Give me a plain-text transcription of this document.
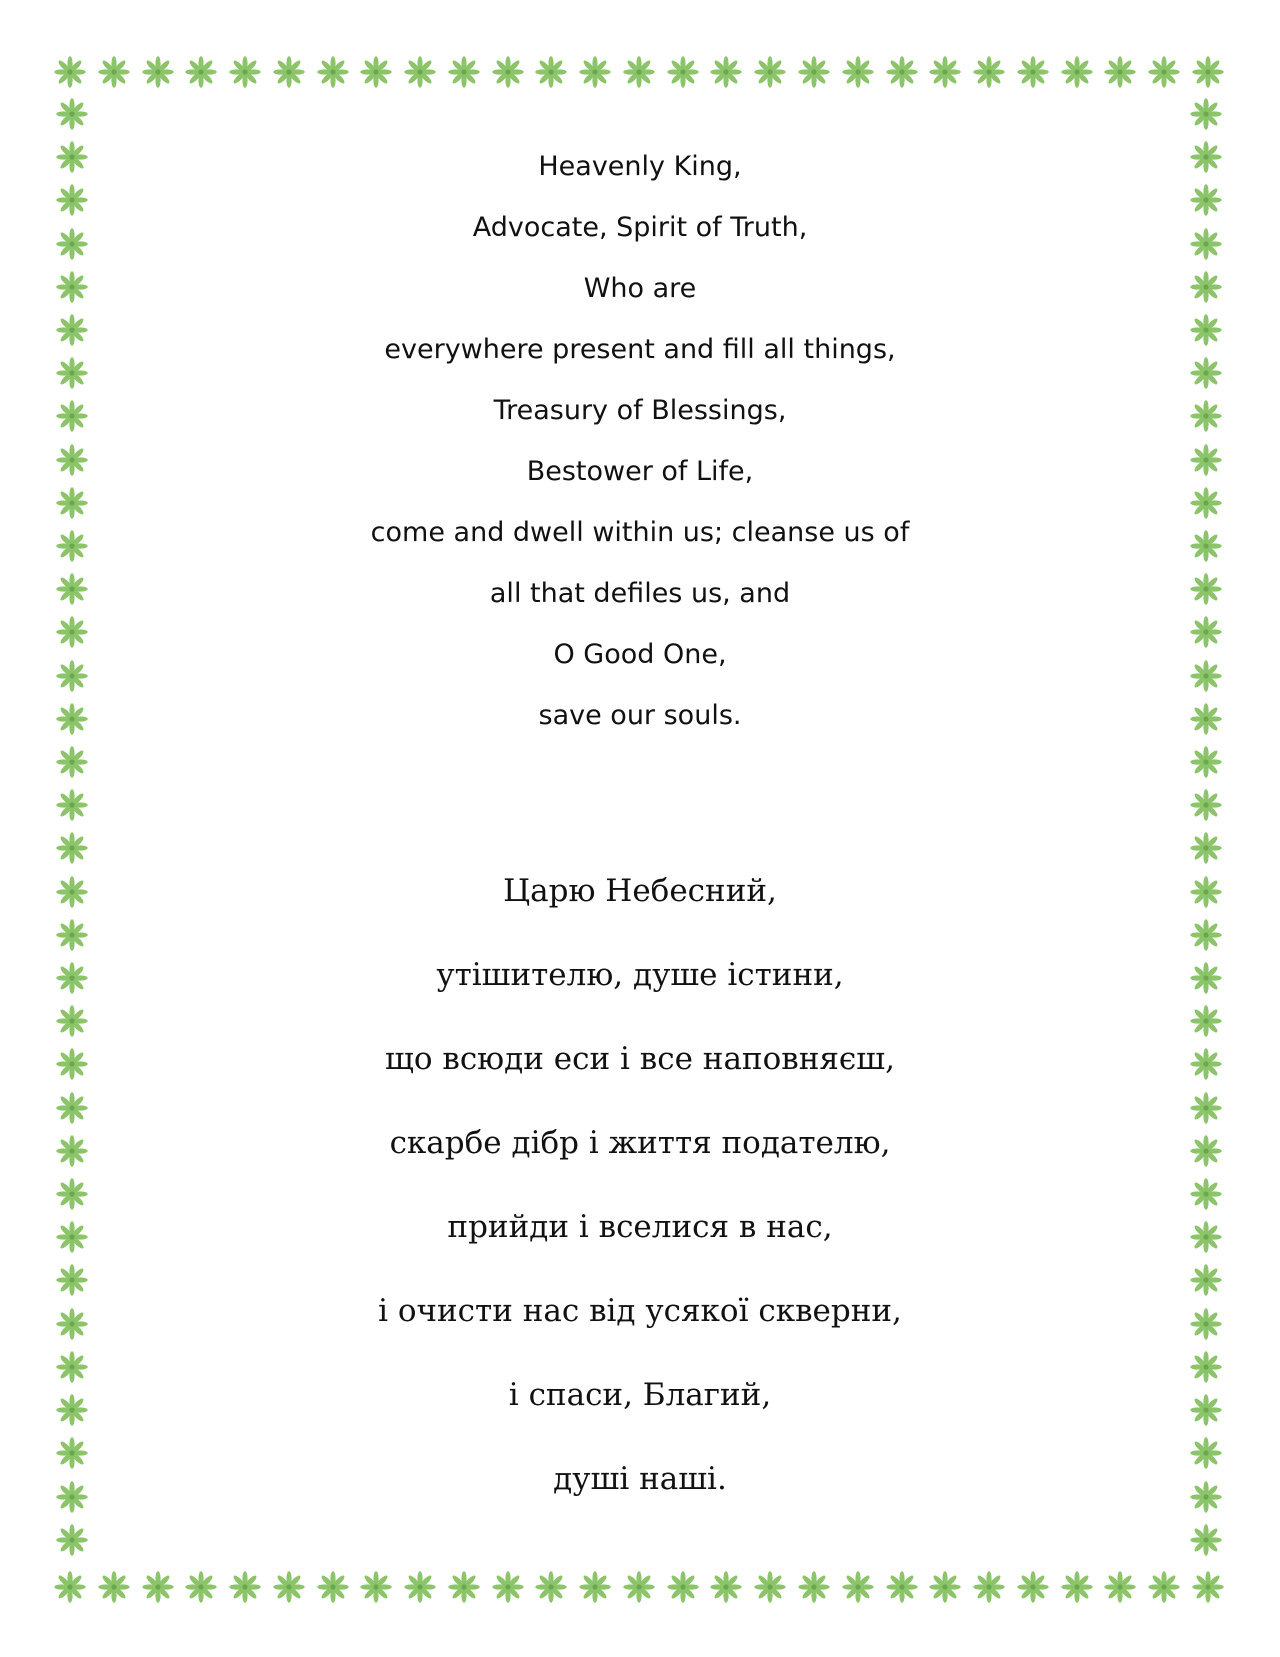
Heavenly King,
Advocate, Spirit of Truth,
Who are
everywhere present and fill all things,
Treasury of Blessings,
Bestower of Life,
come and dwell within us; cleanse us of
all that defiles us, and
O Good One,
save our souls.
Царю Небесний,
утішителю, душе істини,
що всюди еси і все наповняєш,
скарбе дібр і життя подателю,
прийди і вселися в нас,
і очисти нас від усякої скверни,
і спаси, Благий,
душі наші.
